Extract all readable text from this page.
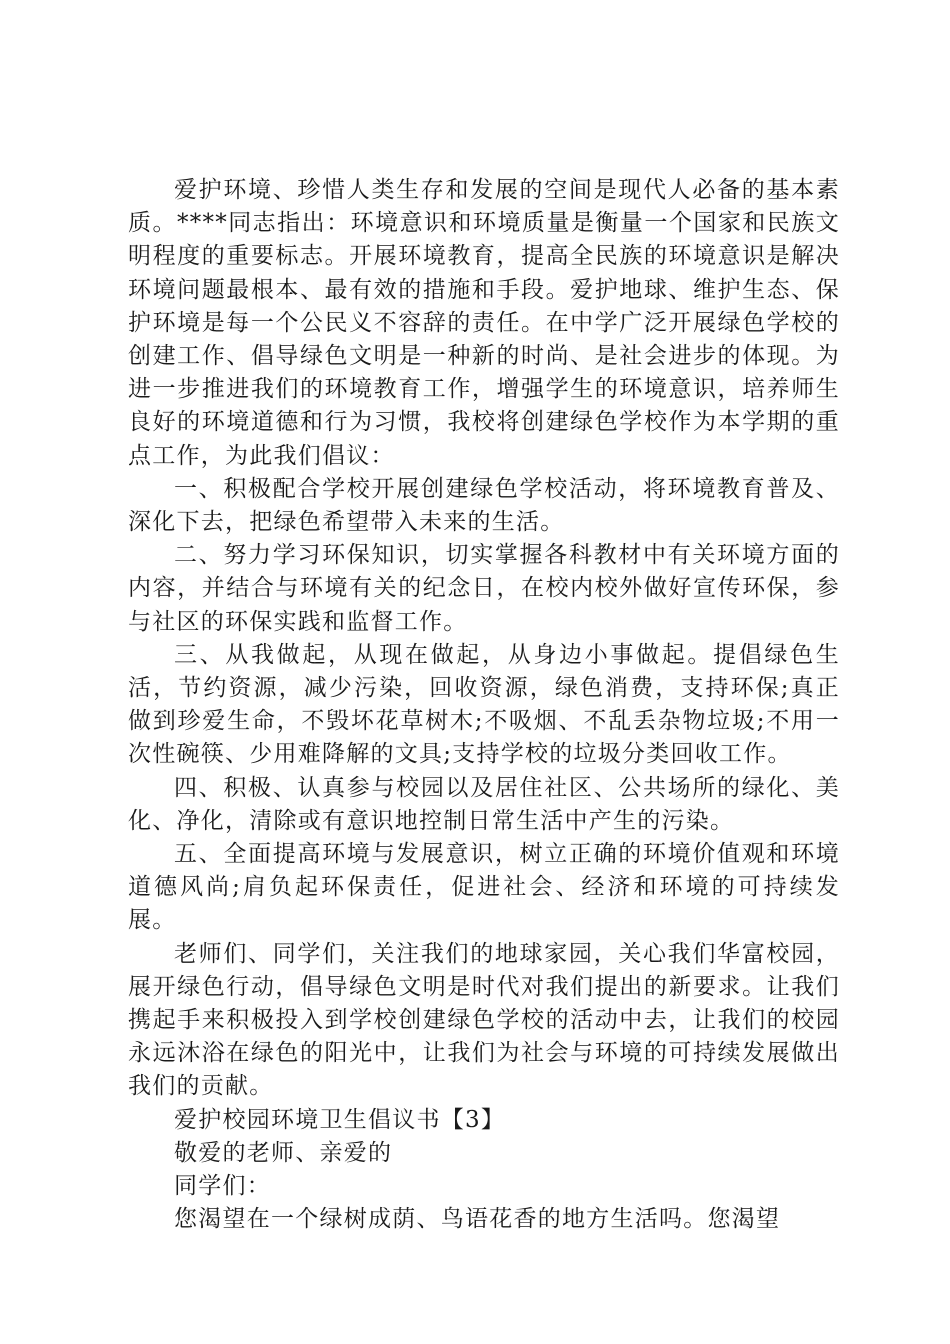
爱护环境、珍惜人类生存和发展的空间是现代人必备的基本素质。****同志指出：环境意识和环境质量是衡量一个国家和民族文明程度的重要标志。开展环境教育，提高全民族的环境意识是解决环境问题最根本、最有效的措施和手段。爱护地球、维护生态、保护环境是每一个公民义不容辞的责任。在中学广泛开展绿色学校的创建工作、倡导绿色文明是一种新的时尚、是社会进步的体现。为进一步推进我们的环境教育工作，增强学生的环境意识，培养师生良好的环境道德和行为习惯，我校将创建绿色学校作为本学期的重点工作，为此我们倡议：

一、积极配合学校开展创建绿色学校活动，将环境教育普及、深化下去，把绿色希望带入未来的生活。

二、努力学习环保知识，切实掌握各科教材中有关环境方面的内容，并结合与环境有关的纪念日，在校内校外做好宣传环保，参与社区的环保实践和监督工作。

三、从我做起，从现在做起，从身边小事做起。提倡绿色生活，节约资源，减少污染，回收资源，绿色消费，支持环保;真正做到珍爱生命，不毁坏花草树木;不吸烟、不乱丢杂物垃圾;不用一次性碗筷、少用难降解的文具;支持学校的垃圾分类回收工作。

四、积极、认真参与校园以及居住社区、公共场所的绿化、美化、净化，清除或有意识地控制日常生活中产生的污染。

五、全面提高环境与发展意识，树立正确的环境价值观和环境道德风尚;肩负起环保责任，促进社会、经济和环境的可持续发展。

老师们、同学们，关注我们的地球家园，关心我们华富校园，展开绿色行动，倡导绿色文明是时代对我们提出的新要求。让我们携起手来积极投入到学校创建绿色学校的活动中去，让我们的校园永远沐浴在绿色的阳光中，让我们为社会与环境的可持续发展做出我们的贡献。

爱护校园环境卫生倡议书【3】

敬爱的老师、亲爱的

同学们：

您渴望在一个绿树成荫、鸟语花香的地方生活吗。您渴望
